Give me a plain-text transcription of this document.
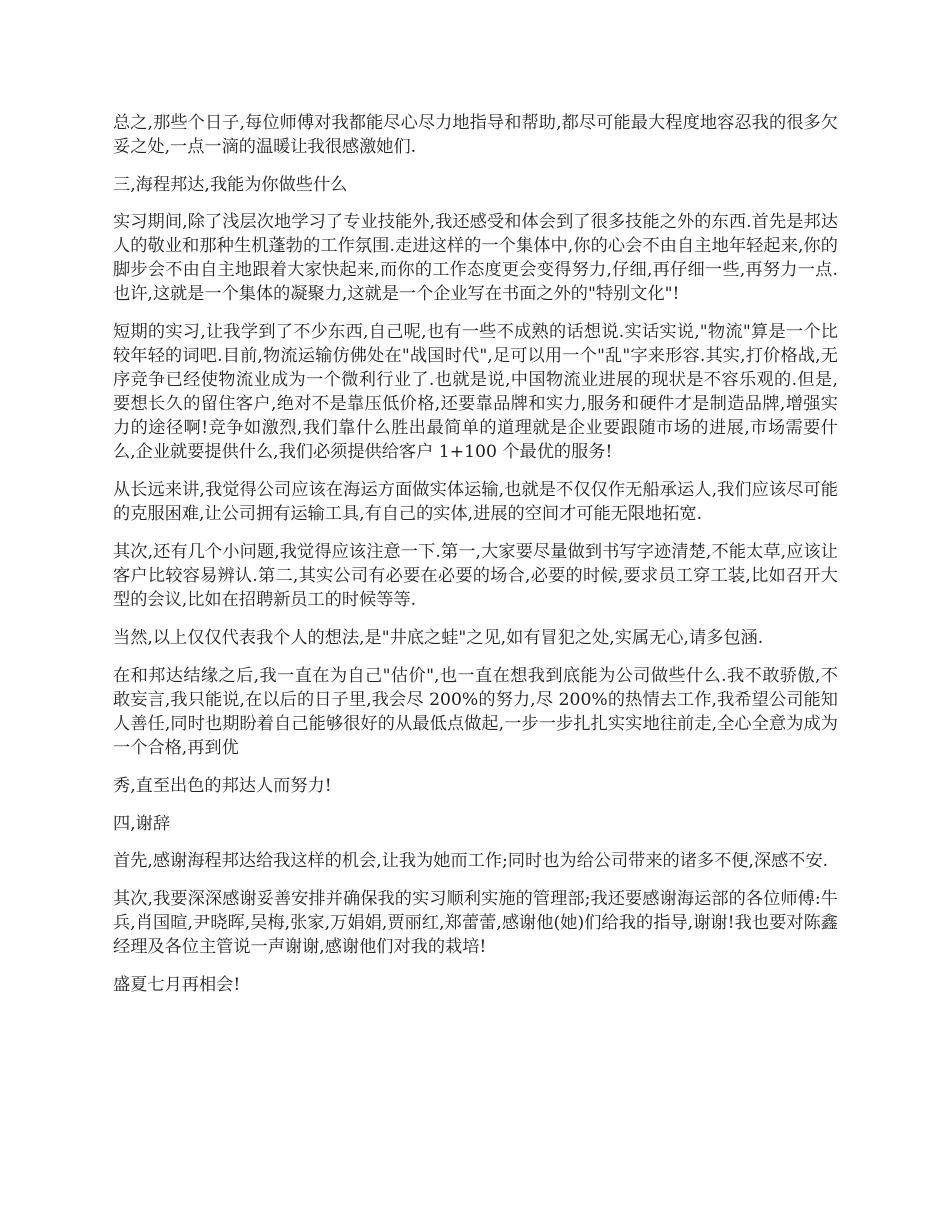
总之,那些个日子,每位师傅对我都能尽心尽力地指导和帮助,都尽可能最大程度地容忍我的很多欠妥之处,一点一滴的温暖让我很感激她们.

三,海程邦达,我能为你做些什么

实习期间,除了浅层次地学习了专业技能外,我还感受和体会到了很多技能之外的东西.首先是邦达人的敬业和那种生机蓬勃的工作氛围.走进这样的一个集体中,你的心会不由自主地年轻起来,你的脚步会不由自主地跟着大家快起来,而你的工作态度更会变得努力,仔细,再仔细一些,再努力一点.也许,这就是一个集体的凝聚力,这就是一个企业写在书面之外的"特别文化"!

短期的实习,让我学到了不少东西,自己呢,也有一些不成熟的话想说.实话实说,"物流"算是一个比较年轻的词吧.目前,物流运输仿佛处在"战国时代",足可以用一个"乱"字来形容.其实,打价格战,无序竞争已经使物流业成为一个微利行业了.也就是说,中国物流业进展的现状是不容乐观的.但是,要想长久的留住客户,绝对不是靠压低价格,还要靠品牌和实力,服务和硬件才是制造品牌,增强实力的途径啊!竞争如激烈,我们靠什么胜出最简单的道理就是企业要跟随市场的进展,市场需要什么,企业就要提供什么,我们必须提供给客户 1+100 个最优的服务!

从长远来讲,我觉得公司应该在海运方面做实体运输,也就是不仅仅作无船承运人,我们应该尽可能的克服困难,让公司拥有运输工具,有自己的实体,进展的空间才可能无限地拓宽.

其次,还有几个小问题,我觉得应该注意一下.第一,大家要尽量做到书写字迹清楚,不能太草,应该让客户比较容易辨认.第二,其实公司有必要在必要的场合,必要的时候,要求员工穿工装,比如召开大型的会议,比如在招聘新员工的时候等等.

当然,以上仅仅代表我个人的想法,是"井底之蛙"之见,如有冒犯之处,实属无心,请多包涵.

在和邦达结缘之后,我一直在为自己"估价",也一直在想我到底能为公司做些什么.我不敢骄傲,不敢妄言,我只能说,在以后的日子里,我会尽 200%的努力,尽 200%的热情去工作,我希望公司能知人善任,同时也期盼着自己能够很好的从最低点做起,一步一步扎扎实实地往前走,全心全意为成为一个合格,再到优

秀,直至出色的邦达人而努力!

四,谢辞

首先,感谢海程邦达给我这样的机会,让我为她而工作;同时也为给公司带来的诸多不便,深感不安.

其次,我要深深感谢妥善安排并确保我的实习顺利实施的管理部;我还要感谢海运部的各位师傅:牛兵,肖国暄,尹晓晖,吴梅,张家,万娟娟,贾丽红,郑蕾蕾,感谢他(她)们给我的指导,谢谢!我也要对陈鑫经理及各位主管说一声谢谢,感谢他们对我的栽培!

盛夏七月再相会!
